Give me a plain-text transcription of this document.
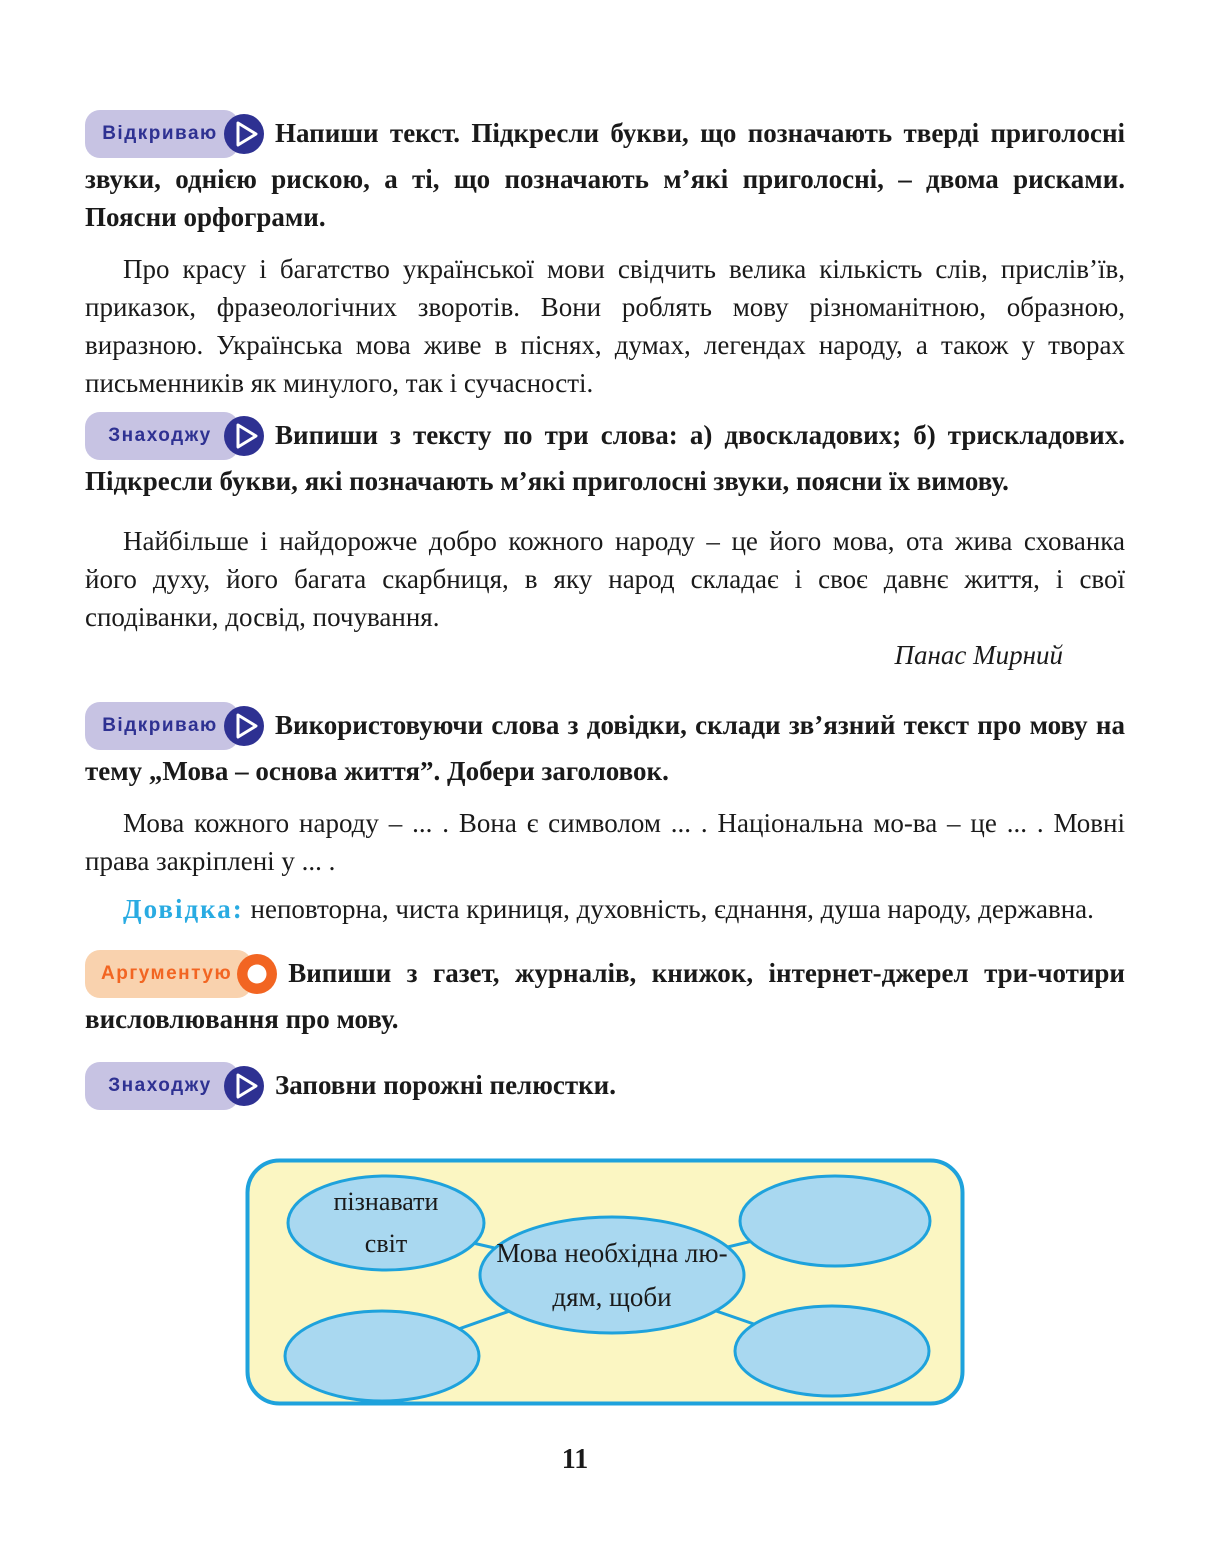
Відкриваю Напиши текст. Підкресли букви, що позначають тверді приголосні звуки, однією рискою, а ті, що позначають м’які приголосні, – двома рисками. Поясни орфограми.

Про красу і багатство української мови свідчить велика кількість слів, прислів’їв, приказок, фразеологічних зворотів. Вони роблять мову різноманітною, образною, виразною. Українська мова живе в піснях, думах, легендах народу, а також у творах письменників як минулого, так і сучасності.

Знаходжу Випиши з тексту по три слова: а) двоскладових; б) трискладових. Підкресли букви, які позначають м’які приголосні звуки, поясни їх вимову.

Найбільше і найдорожче добро кожного народу – це його мова, ота жива схованка його духу, його багата скарбниця, в яку народ складає і своє давнє життя, і свої сподіванки, досвід, почування.

Панас Мирний

Відкриваю Використовуючи слова з довідки, склади зв’язний текст про мову на тему „Мова – основа життя”. Добери заголовок.

Мова кожного народу – ... . Вона є символом ... . Національна мо-ва – це ... . Мовні права закріплені у ... .

Довідка: неповторна, чиста криниця, духовність, єднання, душа народу, державна.

Аргументую Випиши з газет, журналів, книжок, інтернет-джерел три-чотири висловлювання про мову.

Знаходжу Заповни порожні пелюстки.

пізнавати
світ	Мова необхідна лю-
дям, щоби
11
